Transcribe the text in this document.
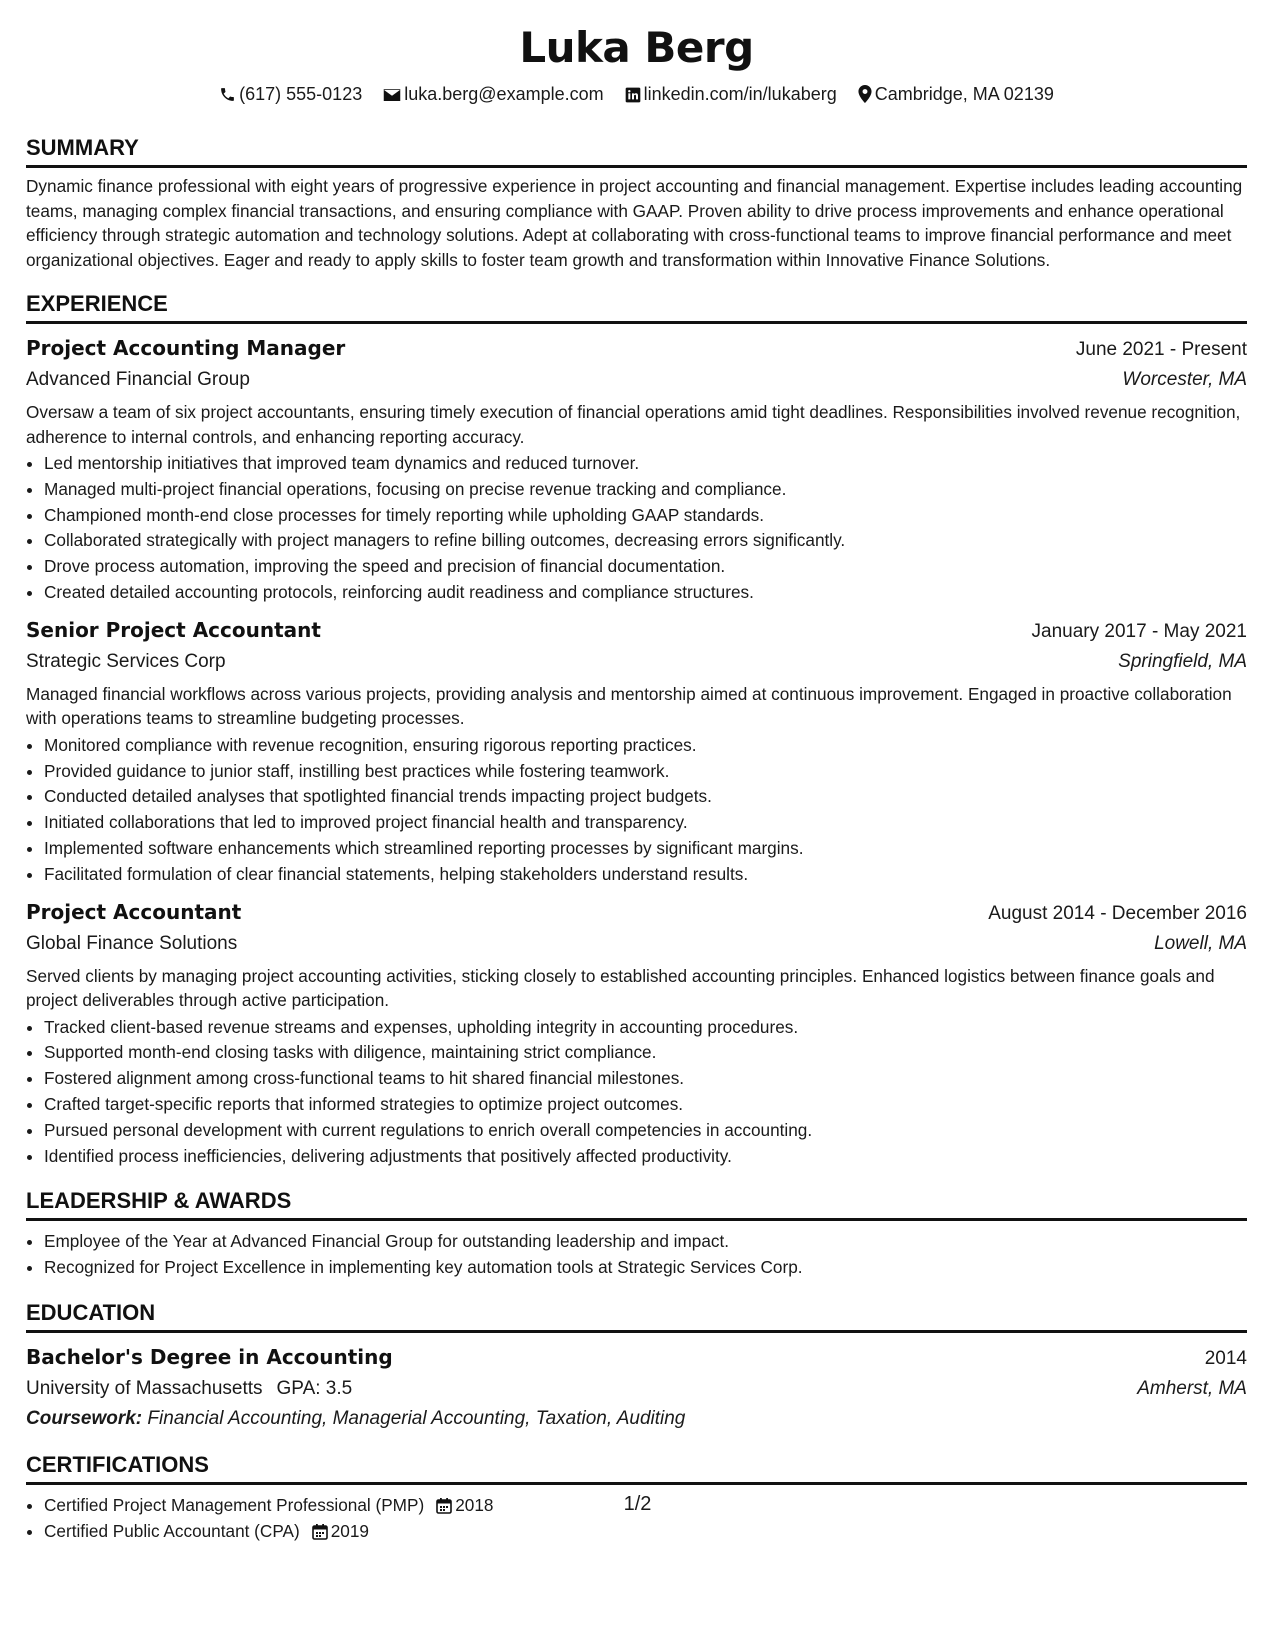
Luka Berg
(617) 555-0123 luka.berg@example.com linkedin.com/in/lukaberg Cambridge, MA 02139
SUMMARY
Dynamic finance professional with eight years of progressive experience in project accounting and financial management. Expertise includes leading accounting teams, managing complex financial transactions, and ensuring compliance with GAAP. Proven ability to drive process improvements and enhance operational efficiency through strategic automation and technology solutions. Adept at collaborating with cross-functional teams to improve financial performance and meet organizational objectives. Eager and ready to apply skills to foster team growth and transformation within Innovative Finance Solutions.
EXPERIENCE
Project Accounting Manager	June 2021 - Present
Advanced Financial Group	Worcester, MA
Oversaw a team of six project accountants, ensuring timely execution of financial operations amid tight deadlines. Responsibilities involved revenue recognition, adherence to internal controls, and enhancing reporting accuracy.
• Led mentorship initiatives that improved team dynamics and reduced turnover.
• Managed multi-project financial operations, focusing on precise revenue tracking and compliance.
• Championed month-end close processes for timely reporting while upholding GAAP standards.
• Collaborated strategically with project managers to refine billing outcomes, decreasing errors significantly.
• Drove process automation, improving the speed and precision of financial documentation.
• Created detailed accounting protocols, reinforcing audit readiness and compliance structures.
Senior Project Accountant	January 2017 - May 2021
Strategic Services Corp	Springfield, MA
Managed financial workflows across various projects, providing analysis and mentorship aimed at continuous improvement. Engaged in proactive collaboration with operations teams to streamline budgeting processes.
• Monitored compliance with revenue recognition, ensuring rigorous reporting practices.
• Provided guidance to junior staff, instilling best practices while fostering teamwork.
• Conducted detailed analyses that spotlighted financial trends impacting project budgets.
• Initiated collaborations that led to improved project financial health and transparency.
• Implemented software enhancements which streamlined reporting processes by significant margins.
• Facilitated formulation of clear financial statements, helping stakeholders understand results.
Project Accountant	August 2014 - December 2016
Global Finance Solutions	Lowell, MA
Served clients by managing project accounting activities, sticking closely to established accounting principles. Enhanced logistics between finance goals and project deliverables through active participation.
• Tracked client-based revenue streams and expenses, upholding integrity in accounting procedures.
• Supported month-end closing tasks with diligence, maintaining strict compliance.
• Fostered alignment among cross-functional teams to hit shared financial milestones.
• Crafted target-specific reports that informed strategies to optimize project outcomes.
• Pursued personal development with current regulations to enrich overall competencies in accounting.
• Identified process inefficiencies, delivering adjustments that positively affected productivity.
LEADERSHIP & AWARDS
• Employee of the Year at Advanced Financial Group for outstanding leadership and impact.
• Recognized for Project Excellence in implementing key automation tools at Strategic Services Corp.
EDUCATION
Bachelor's Degree in Accounting	2014
University of Massachusetts GPA: 3.5	Amherst, MA
Coursework: Financial Accounting, Managerial Accounting, Taxation, Auditing
CERTIFICATIONS
• Certified Project Management Professional (PMP) 2018
• Certified Public Accountant (CPA) 2019
1/2
